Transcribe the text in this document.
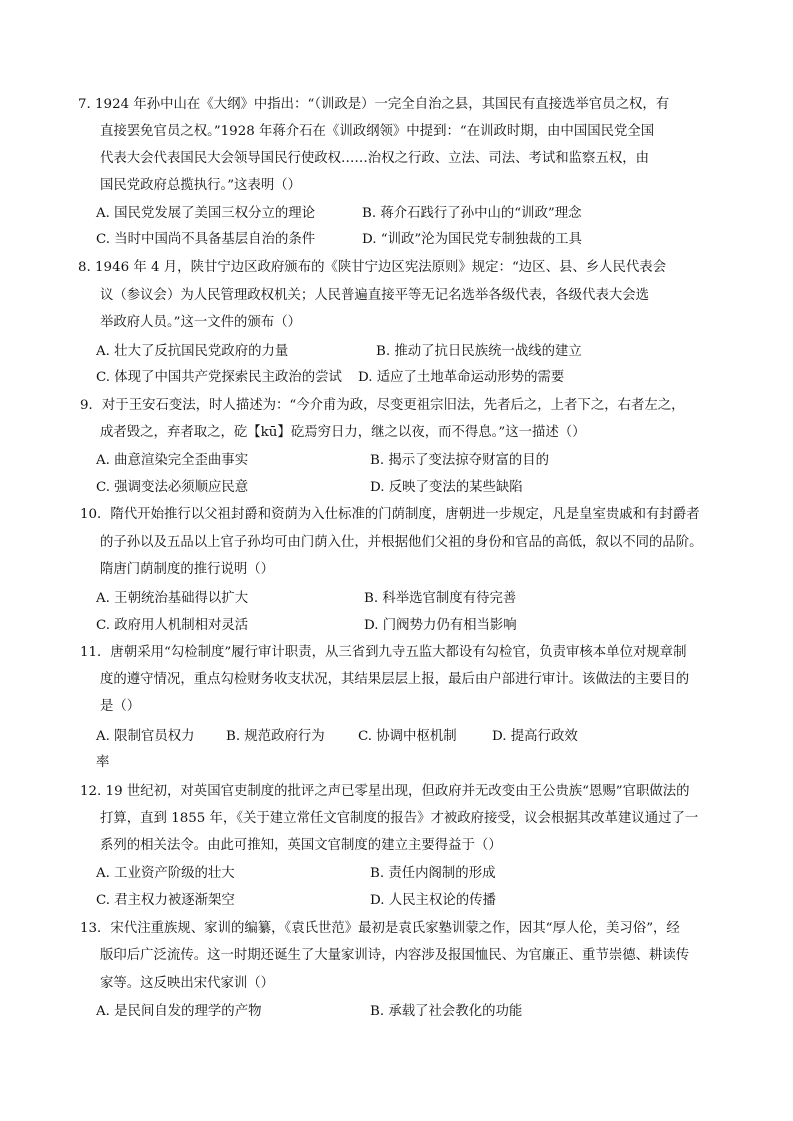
7. 1924 年孙中山在《大纲》中指出：“（训政是）一完全自治之县，其国民有直接选举官员之权，有
直接罢免官员之权。”1928 年蒋介石在《训政纲领》中提到：“在训政时期，由中国国民党全国
代表大会代表国民大会领导国民行使政权……治权之行政、立法、司法、考试和监察五权，由
国民党政府总揽执行。”这表明（）
A. 国民党发展了美国三权分立的理论	B. 蒋介石践行了孙中山的“训政”理念
C. 当时中国尚不具备基层自治的条件	D. “训政”沦为国民党专制独裁的工具
8. 1946 年 4 月，陕甘宁边区政府颁布的《陕甘宁边区宪法原则》规定：“边区、县、乡人民代表会
议（参议会）为人民管理政权机关；人民普遍直接平等无记名选举各级代表，各级代表大会选
举政府人员。”这一文件的颁布（）
A. 壮大了反抗国民党政府的力量	B. 推动了抗日民族统一战线的建立
C. 体现了中国共产党探索民主政治的尝试 D. 适应了土地革命运动形势的需要
9．对于王安石变法，时人描述为：“今介甫为政，尽变更祖宗旧法，先者后之，上者下之，右者左之，
成者毁之，弃者取之，矻【kū】矻焉穷日力，继之以夜，而不得息。”这一描述（）
A. 曲意渲染完全歪曲事实	B. 揭示了变法掠夺财富的目的
C. 强调变法必须顺应民意	D. 反映了变法的某些缺陷
10．隋代开始推行以父祖封爵和资荫为入仕标准的门荫制度，唐朝进一步规定，凡是皇室贵戚和有封爵者
的子孙以及五品以上官子孙均可由门荫入仕，并根据他们父祖的身份和官品的高低，叙以不同的品阶。
隋唐门荫制度的推行说明（）
A. 王朝统治基础得以扩大	B. 科举选官制度有待完善
C. 政府用人机制相对灵活	D. 门阀势力仍有相当影响
11．唐朝采用“勾检制度”履行审计职责，从三省到九寺五监大都设有勾检官，负责审核本单位对规章制
度的遵守情况，重点勾检财务收支状况，其结果层层上报，最后由户部进行审计。该做法的主要目的
是（）
A. 限制官员权力 B. 规范政府行为 C. 协调中枢机制	D. 提高行政效
率
12. 19 世纪初，对英国官吏制度的批评之声已零星出现，但政府并无改变由王公贵族“恩赐”官职做法的
打算，直到 1855 年，《关于建立常任文官制度的报告》才被政府接受，议会根据其改革建议通过了一
系列的相关法令。由此可推知，英国文官制度的建立主要得益于（）
A. 工业资产阶级的壮大	B. 责任内阁制的形成
C. 君主权力被逐渐架空	D. 人民主权论的传播
13．宋代注重族规、家训的编纂，《袁氏世范》最初是袁氏家塾训蒙之作，因其“厚人伦，美习俗”，经
版印后广泛流传。这一时期还诞生了大量家训诗，内容涉及报国恤民、为官廉正、重节崇德、耕读传
家等。这反映出宋代家训（）
A. 是民间自发的理学的产物	B. 承载了社会教化的功能
